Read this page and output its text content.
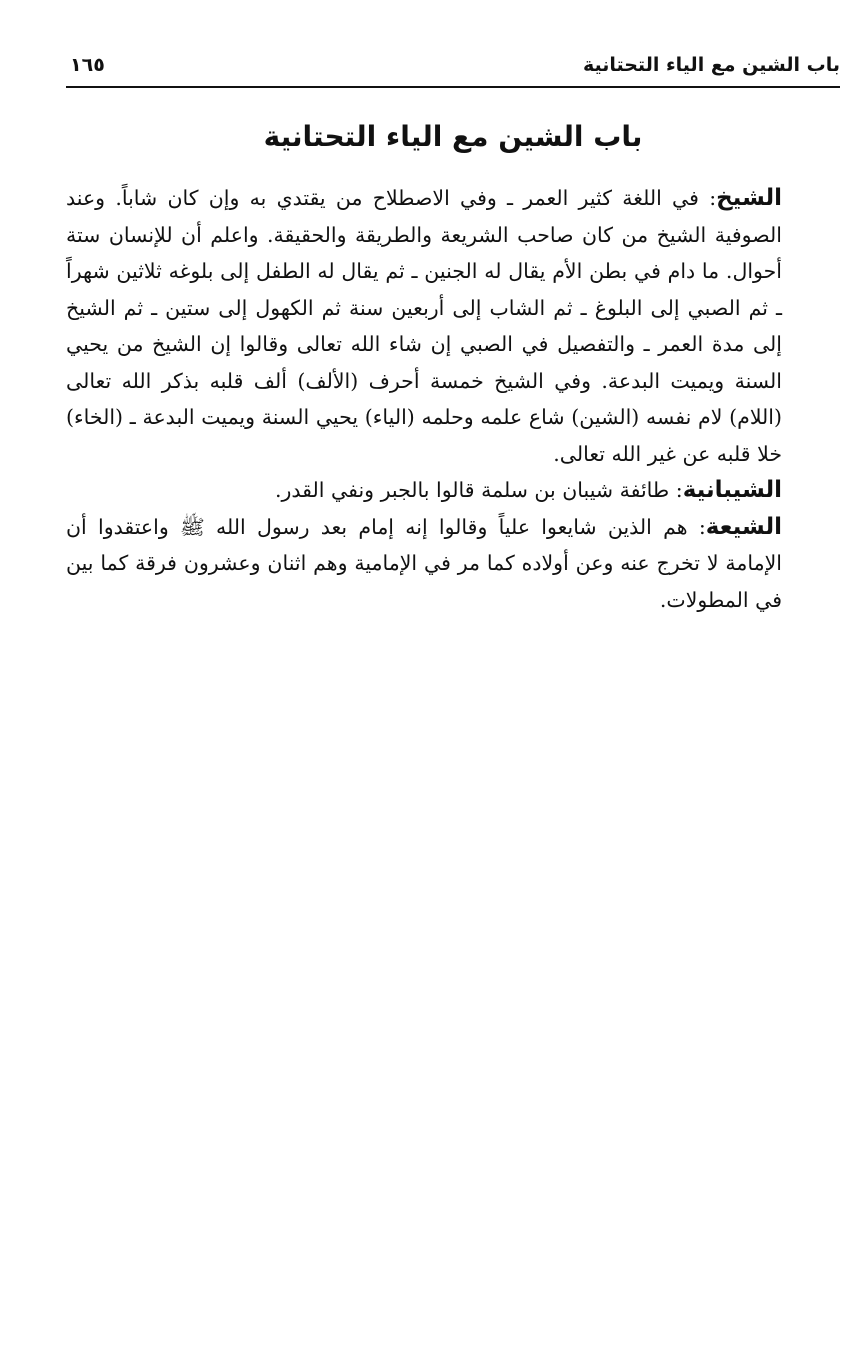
باب الشين مع الياء التحتانية
١٦٥
باب الشين مع الياء التحتانية

الشيخ: في اللغة كثير العمر ـ وفي الاصطلاح من يقتدي به وإن كان شاباً. وعند الصوفية الشيخ من كان صاحب الشريعة والطريقة والحقيقة. واعلم أن للإنسان ستة أحوال. ما دام في بطن الأم يقال له الجنين ـ ثم يقال له الطفل إلى بلوغه ثلاثين شهراً ـ ثم الصبي إلى البلوغ ـ ثم الشاب إلى أربعين سنة ثم الكهول إلى ستين ـ ثم الشيخ إلى مدة العمر ـ والتفصيل في الصبي إن شاء الله تعالى وقالوا إن الشيخ من يحيي السنة ويميت البدعة. وفي الشيخ خمسة أحرف (الألف) ألف قلبه بذكر الله تعالى (اللام) لام نفسه (الشين) شاع علمه وحلمه (الياء) يحيي السنة ويميت البدعة ـ (الخاء) خلا قلبه عن غير الله تعالى.

الشيبانية: طائفة شيبان بن سلمة قالوا بالجبر ونفي القدر.

الشيعة: هم الذين شايعوا علياً وقالوا إنه إمام بعد رسول الله ﷺ واعتقدوا أن الإمامة لا تخرج عنه وعن أولاده كما مر في الإمامية وهم اثنان وعشرون فرقة كما بين في المطولات.
